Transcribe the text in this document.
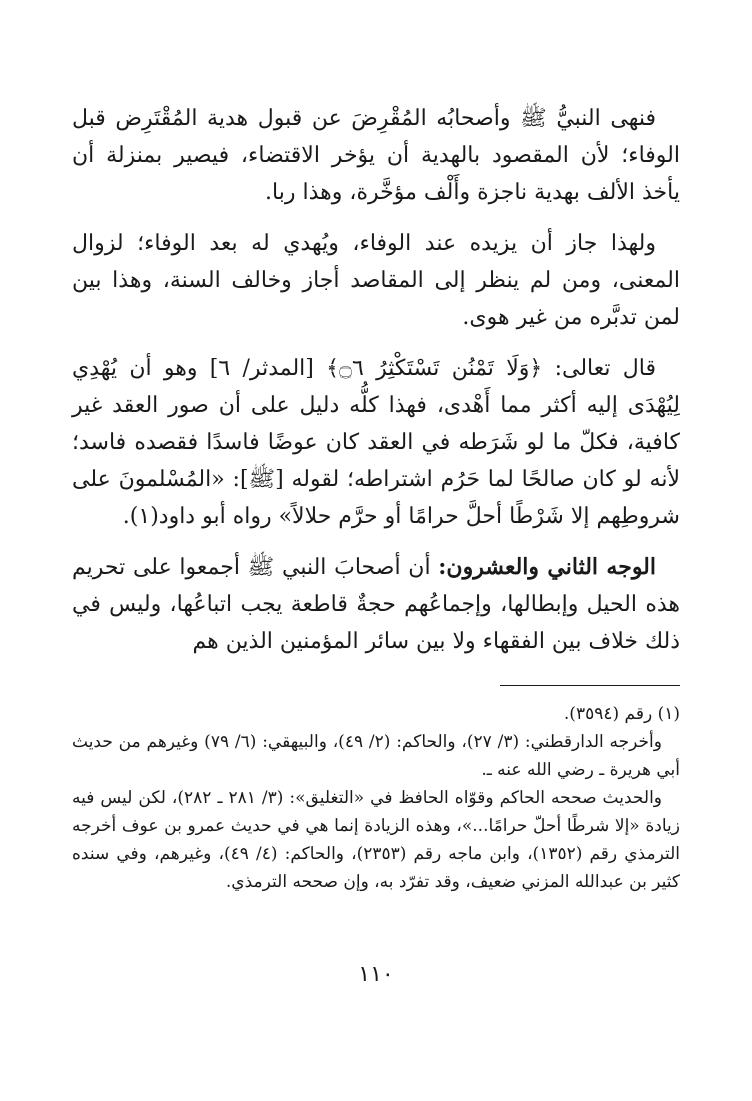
فنهى النبيُّ ﷺ وأصحابُه المُقْرِضَ عن قبول هدية المُقْتَرِض قبل الوفاء؛ لأن المقصود بالهدية أن يؤخر الاقتضاء، فيصير بمنزلة أن يأخذ الألف بهدية ناجزة وأَلْف مؤخَّرة، وهذا ربا.

ولهذا جاز أن يزيده عند الوفاء، ويُهدي له بعد الوفاء؛ لزوال المعنى، ومن لم ينظر إلى المقاصد أجاز وخالف السنة، وهذا بين لمن تدبَّره من غير هوى.

قال تعالى: ﴿وَلَا تَمْنُن تَسْتَكْثِرُ ۝٦﴾ [المدثر/ ٦] وهو أن يُهْدِي لِيُهْدَى إليه أكثر مما أَهْدى، فهذا كلُّه دليل على أن صور العقد غير كافية، فكلّ ما لو شَرَطه في العقد كان عوضًا فاسدًا فقصده فاسد؛ لأنه لو كان صالحًا لما حَرُم اشتراطه؛ لقوله [ﷺ]: «المُسْلمونَ على شروطِهم إلا شَرْطًا أحلَّ حرامًا أو حرَّم حلالاً» رواه أبو داود(١).

الوجه الثاني والعشرون: أن أصحابَ النبي ﷺ أجمعوا على تحريم هذه الحيل وإبطالها، وإجماعُهم حجةٌ قاطعة يجب اتباعُها، وليس في ذلك خلاف بين الفقهاء ولا بين سائر المؤمنين الذين هم

(١) رقم (٣٥٩٤).

وأخرجه الدارقطني: (٣/ ٢٧)، والحاكم: (٢/ ٤٩)، والبيهقي: (٦/ ٧٩) وغيرهم من حديث أبي هريرة ـ رضي الله عنه ـ.

والحديث صححه الحاكم وقوّاه الحافظ في «التغليق»: (٣/ ٢٨١ ـ ٢٨٢)، لكن ليس فيه زيادة «إلا شرطًا أحلّ حرامًا...»، وهذه الزيادة إنما هي في حديث عمرو بن عوف أخرجه الترمذي رقم (١٣٥٢)، وابن ماجه رقم (٢٣٥٣)، والحاكم: (٤/ ٤٩)، وغيرهم، وفي سنده كثير بن عبدالله المزني ضعيف، وقد تفرّد به، وإن صححه الترمذي.

١١٠
